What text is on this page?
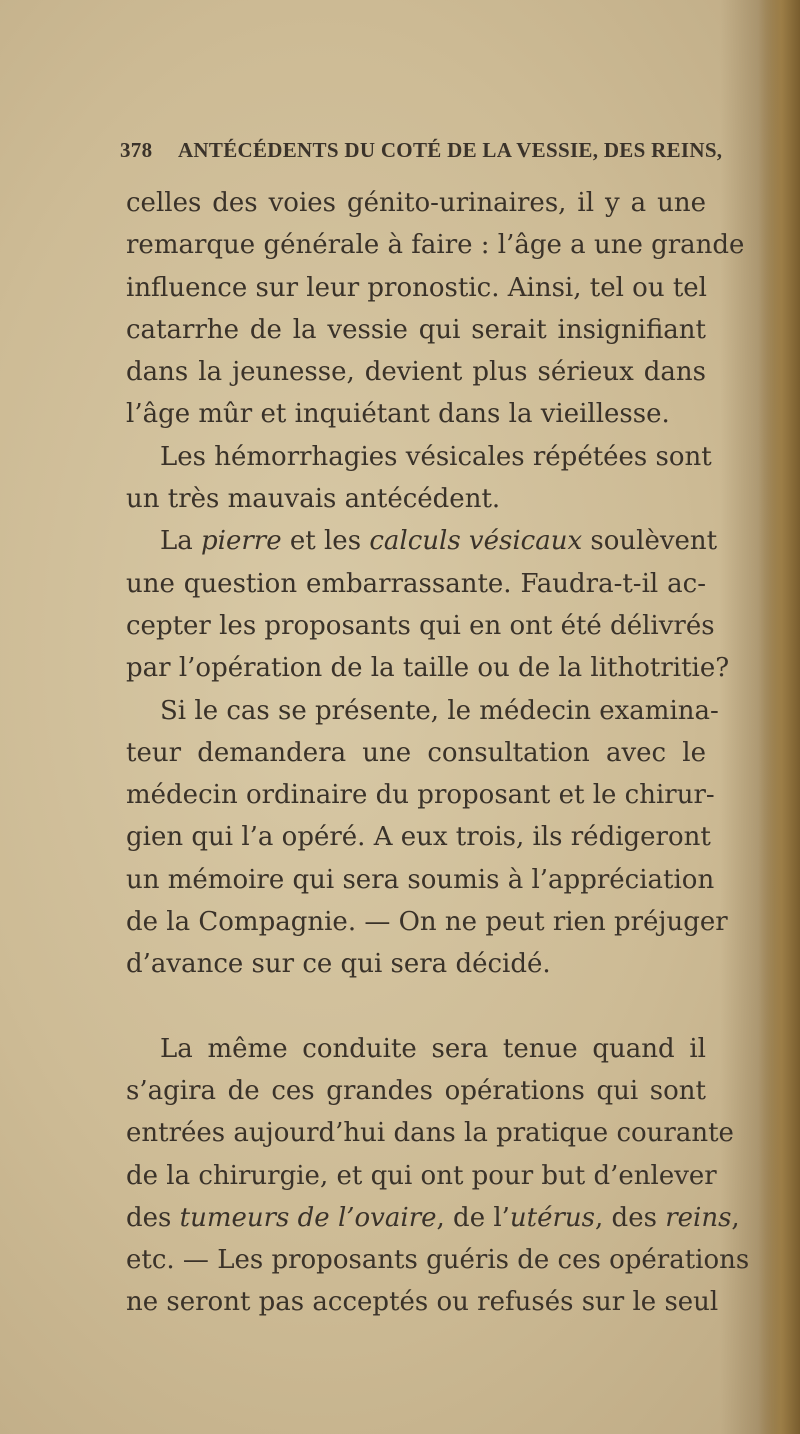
378 ANTÉCÉDENTS DU COTÉ DE LA VESSIE, DES REINS,
celles des voies génito-urinaires, il y a une
remarque générale à faire : l’âge a une grande
influence sur leur pronostic. Ainsi, tel ou tel
catarrhe de la vessie qui serait insignifiant
dans la jeunesse, devient plus sérieux dans
l’âge mûr et inquiétant dans la vieillesse.
Les hémorrhagies vésicales répétées sont
un très mauvais antécédent.
La pierre et les calculs vésicaux soulèvent
une question embarrassante. Faudra-t-il ac-
cepter les proposants qui en ont été délivrés
par l’opération de la taille ou de la lithotritie?
Si le cas se présente, le médecin examina-
teur demandera une consultation avec le
médecin ordinaire du proposant et le chirur-
gien qui l’a opéré. A eux trois, ils rédigeront
un mémoire qui sera soumis à l’appréciation
de la Compagnie. — On ne peut rien préjuger
d’avance sur ce qui sera décidé.
La même conduite sera tenue quand il
s’agira de ces grandes opérations qui sont
entrées aujourd’hui dans la pratique courante
de la chirurgie, et qui ont pour but d’enlever
des tumeurs de l’ovaire, de l’utérus, des reins,
etc. — Les proposants guéris de ces opérations
ne seront pas acceptés ou refusés sur le seul
